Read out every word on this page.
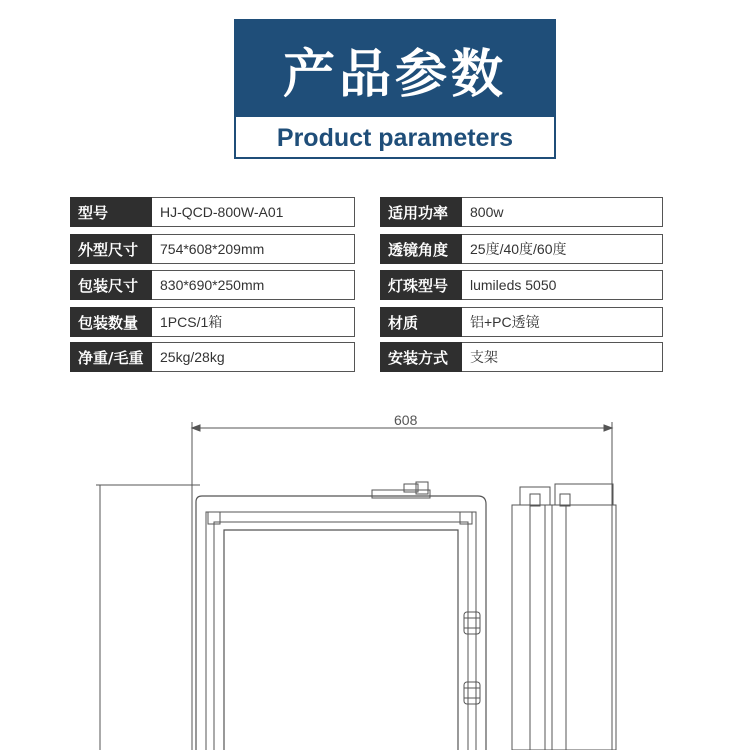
产品参数
Product parameters
型号	HJ-QCD-800W-A01
外型尺寸	754*608*209mm
包装尺寸	830*690*250mm
包装数量	1PCS/1箱
净重/毛重	25kg/28kg
适用功率	800w
透镜角度	25度/40度/60度
灯珠型号	lumileds 5050
材质	铝+PC透镜
安装方式	支架
608
